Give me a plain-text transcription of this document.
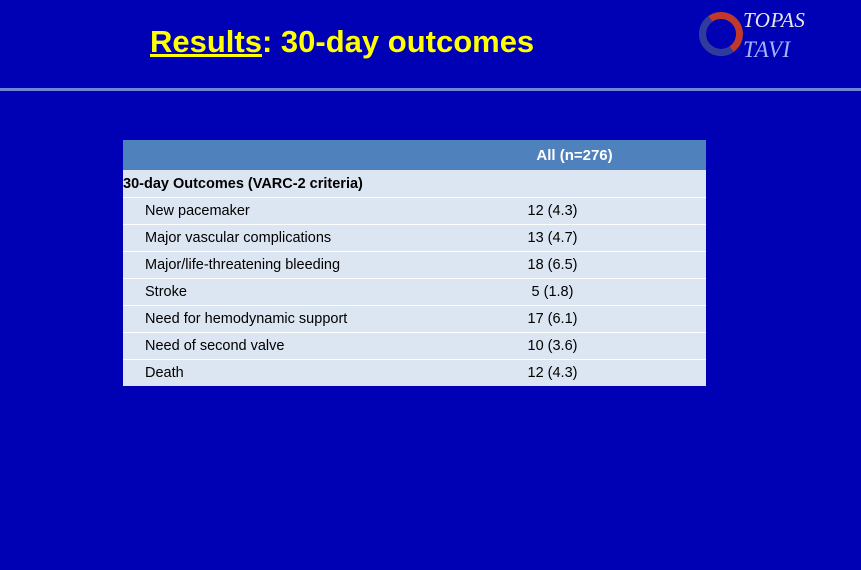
Results: 30-day outcomes
TOPAS
TAVI
	All (n=276)
30-day Outcomes (VARC-2 criteria)	
New pacemaker	12 (4.3)
Major vascular complications	13 (4.7)
Major/life-threatening bleeding	18 (6.5)
Stroke	5 (1.8)
Need for hemodynamic support	17 (6.1)
Need of second valve	10 (3.6)
Death	12 (4.3)
